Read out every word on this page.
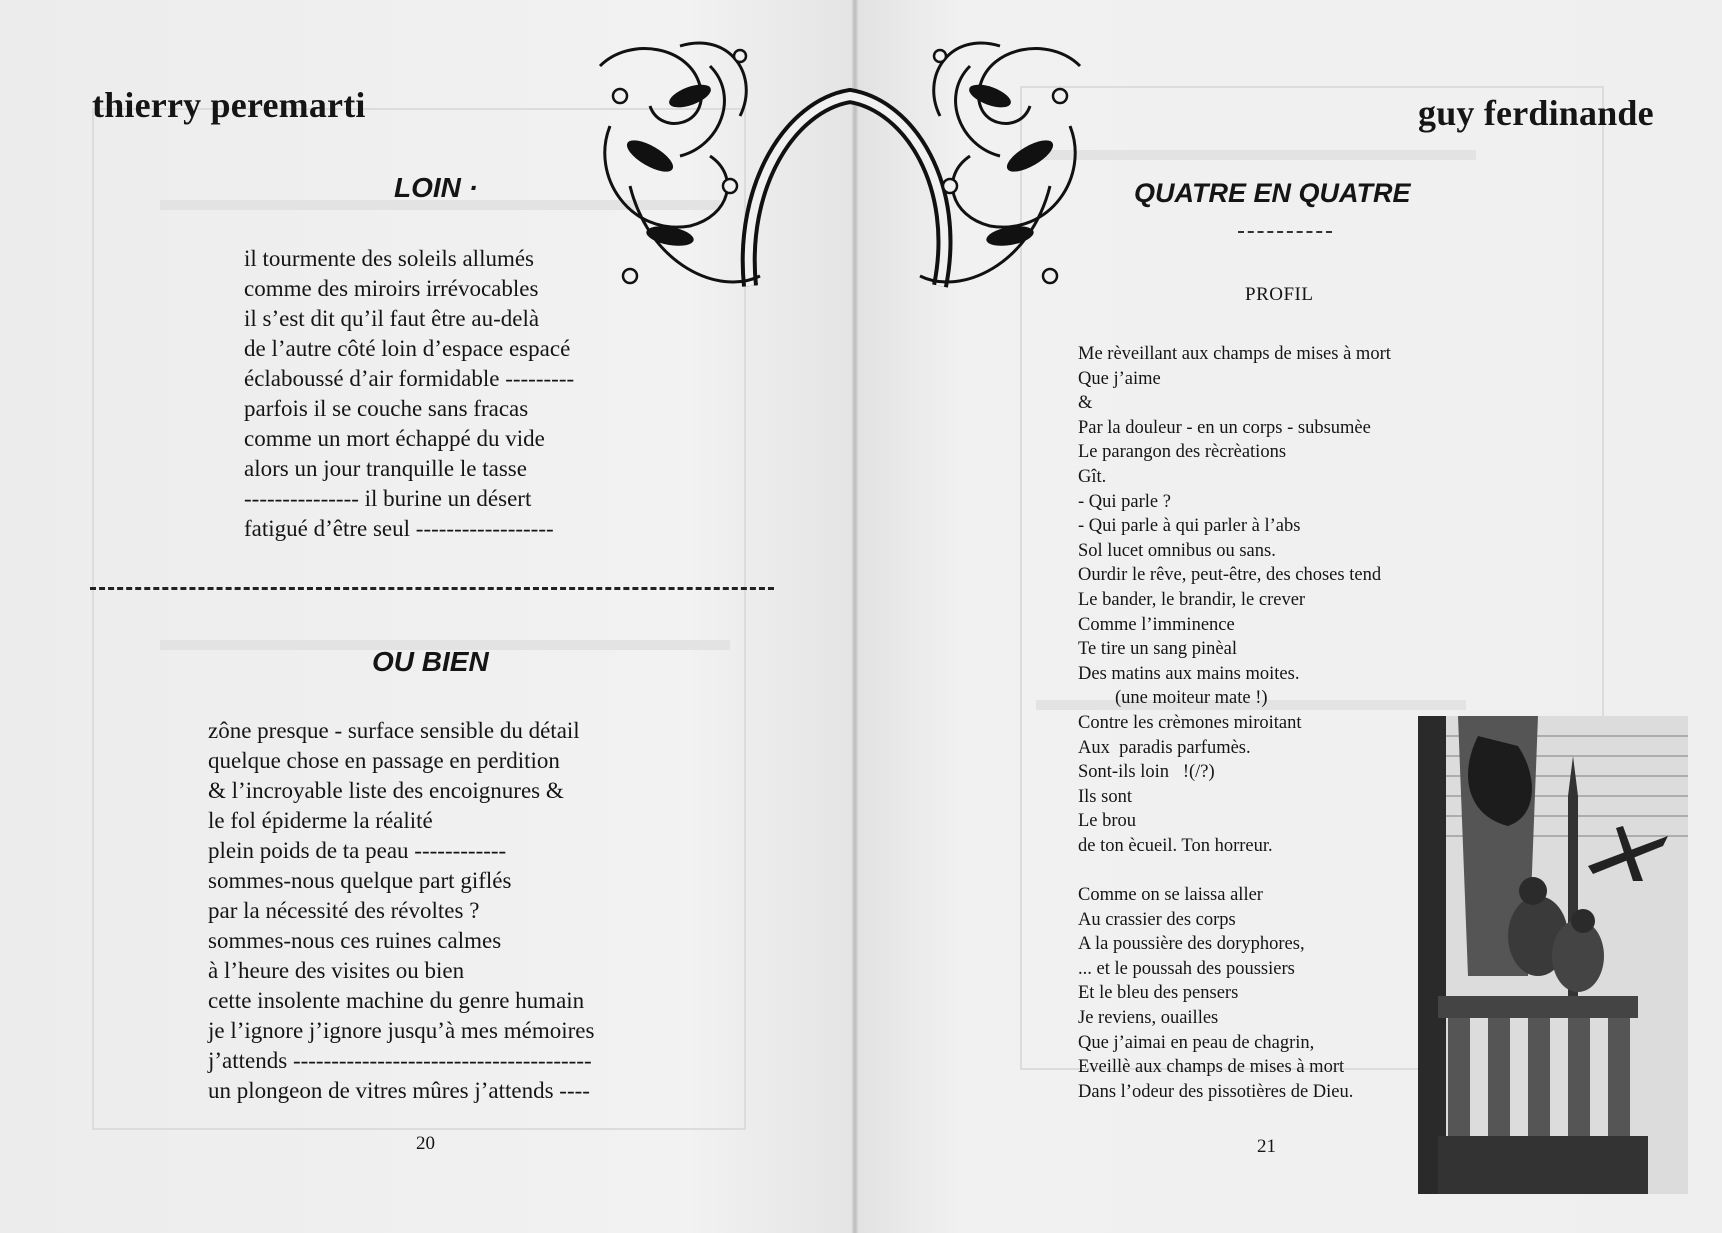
thierry peremarti
LOIN ·
il tourmente des soleils allumés
comme des miroirs irrévocables
il s’est dit qu’il faut être au-delà
de l’autre côté loin d’espace espacé
éclaboussé d’air formidable ---------
parfois il se couche sans fracas
comme un mort échappé du vide
alors un jour tranquille le tasse
--------------- il burine un désert
fatigué d’être seul ------------------
OU BIEN
zône presque - surface sensible du détail
quelque chose en passage en perdition
& l’incroyable liste des encoignures &
le fol épiderme la réalité
plein poids de ta peau ------------
sommes-nous quelque part giflés
par la nécessité des révoltes ?
sommes-nous ces ruines calmes
à l’heure des visites ou bien
cette insolente machine du genre humain
je l’ignore j’ignore jusqu’à mes mémoires
j’attends ---------------------------------------
un plongeon de vitres mûres j’attends ----
20
guy ferdinande
QUATRE EN QUATRE
PROFIL
Me rèveillant aux champs de mises à mort
Que j’aime
&
Par la douleur - en un corps - subsumèe
Le parangon des rècrèations
Gît.
- Qui parle ?
- Qui parle à qui parler à l’abs
Sol lucet omnibus ou sans.
Ourdir le rêve, peut-être, des choses tend
Le bander, le brandir, le crever
Comme l’imminence
Te tire un sang pinèal
Des matins aux mains moites.
(une moiteur mate !)
Contre les crèmones miroitant
Aux  paradis parfumès.
Sont-ils loin   !(/?)
Ils sont
Le brou
de ton ècueil. Ton horreur.

Comme on se laissa aller
Au crassier des corps
A la poussière des doryphores,
... et le poussah des poussiers
Et le bleu des pensers
Je reviens, ouailles
Que j’aimai en peau de chagrin,
Eveillè aux champs de mises à mort
Dans l’odeur des pissotières de Dieu.
21
